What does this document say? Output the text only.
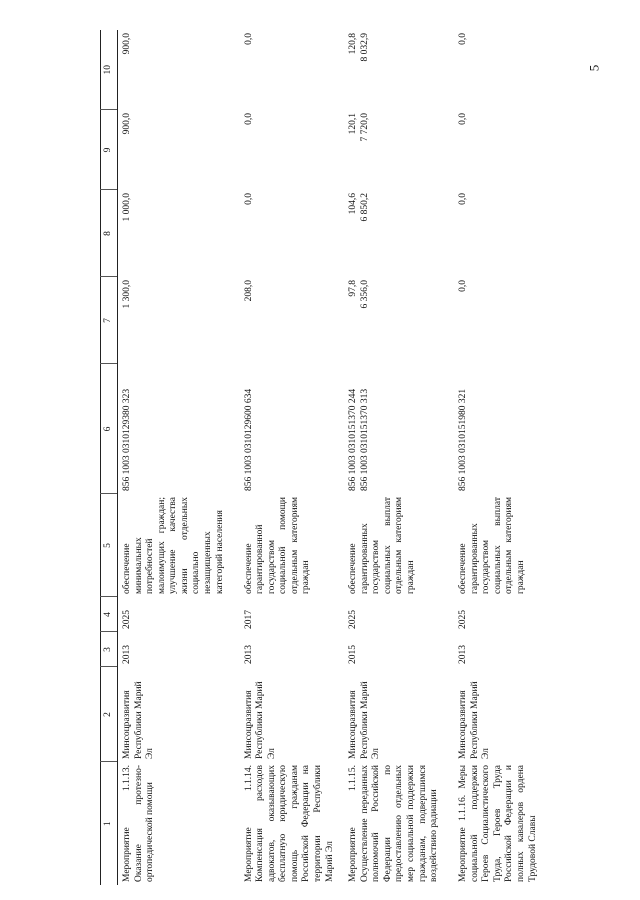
5
1	2	3	4	5	6	7	8	9	10
Мероприятие 1.1.13. Оказание протезно-ортопедической помощи	Минсоцразвития Республики Марий Эл	2013	2025	обеспечение минимальных потребностей малоимущих граждан; улучшение качества жизни отдельных социально незащищенных категорий населения	856 1003 0310129380 323	1 300,0	1 000,0	900,0	900,0

Мероприятие 1.1.14. Компенсация расходов адвокатов, оказывающих бесплатную юридическую помощь гражданам Российской Федерации на территории Республики Марий Эл	Минсоцразвития Республики Марий Эл	2013	2017	обеспечение гарантированной государством социальной помощи отдельным категориям граждан	856 1003 0310129600 634	208,0	0,0	0,0	0,0

Мероприятие 1.1.15. Осуществление переданных полномочий Российской Федерации по предоставлению отдельных мер социальной поддержки гражданам, подвергшимся воздействию радиации	Минсоцразвития Республики Марий Эл	2015	2025	обеспечение гарантированных государством социальных выплат отдельным категориям граждан	856 1003 0310151370 244 856 1003 0310151370 313	97,8 6 356,0	104,6 6 850,2	120,1 7 720,0	120,8 8 032,9

Мероприятие 1.1.16. Меры социальной поддержки Героев Социалистического Труда, Героев Труда Российской Федерации и полных кавалеров ордена Трудовой Славы	Минсоцразвития Республики Марий Эл	2013	2025	обеспечение гарантированных государством социальных выплат отдельным категориям граждан	856 1003 0310151980 321	0,0	0,0	0,0	0,0
